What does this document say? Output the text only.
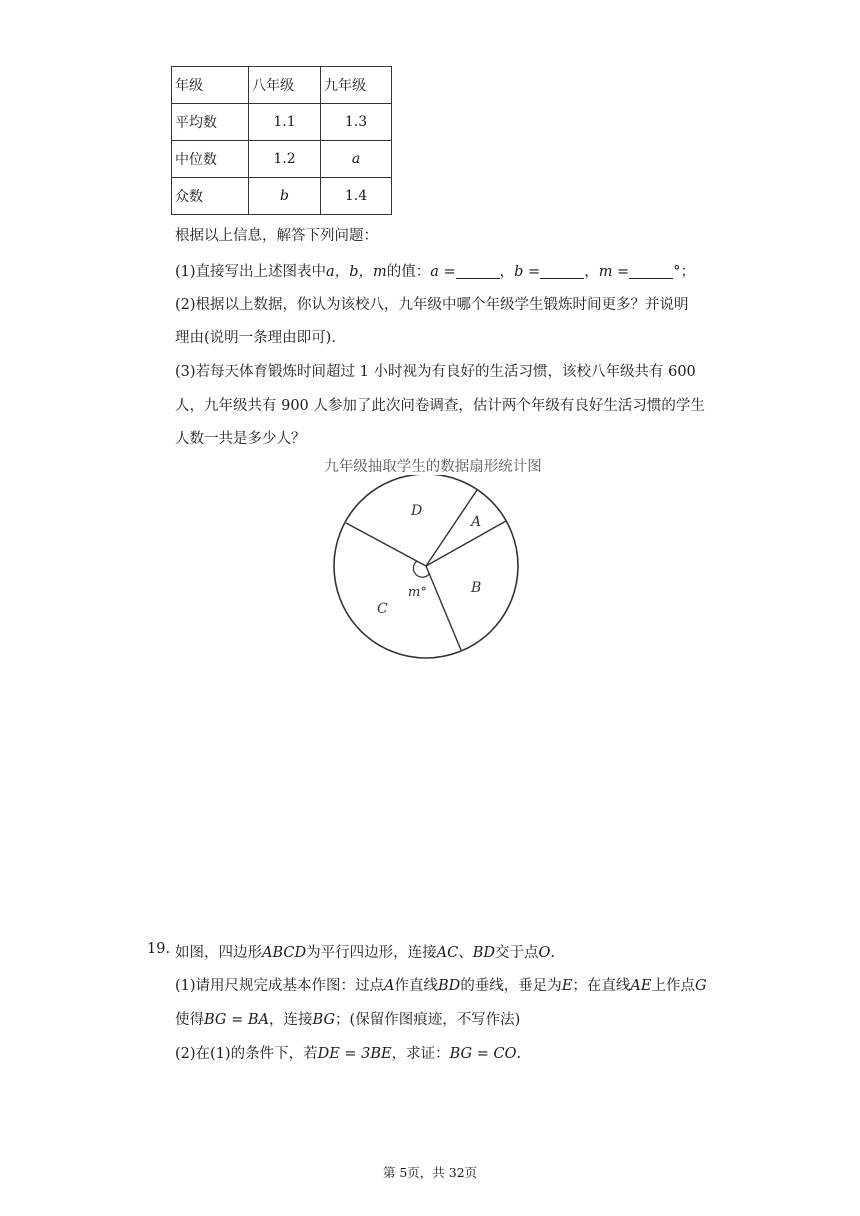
年级	八年级	九年级
平均数	1.1	1.3
中位数	1.2	a
众数	b	1.4
根据以上信息，解答下列问题：
(1)直接写出上述图表中a，b，m的值：a =	，b =	，m =	°；
(2)根据以上数据，你认为该校八，九年级中哪个年级学生锻炼时间更多？并说明
理由(说明一条理由即可)．
(3)若每天体育锻炼时间超过 1 小时视为有良好的生活习惯，该校八年级共有 600
人，九年级共有 900 人参加了此次问卷调查，估计两个年级有良好生活习惯的学生
人数一共是多少人？
九年级抽取学生的数据扇形统计图
D
A
B
C
m°
19. 如图，四边形ABCD为平行四边形，连接AC、BD交于点O.
(1)请用尺规完成基本作图：过点A作直线BD的垂线，垂足为E；在直线AE上作点G
使得BG = BA，连接BG；(保留作图痕迹，不写作法)
(2)在(1)的条件下，若DE = 3BE，求证：BG = CO.
第 5页，共 32页
